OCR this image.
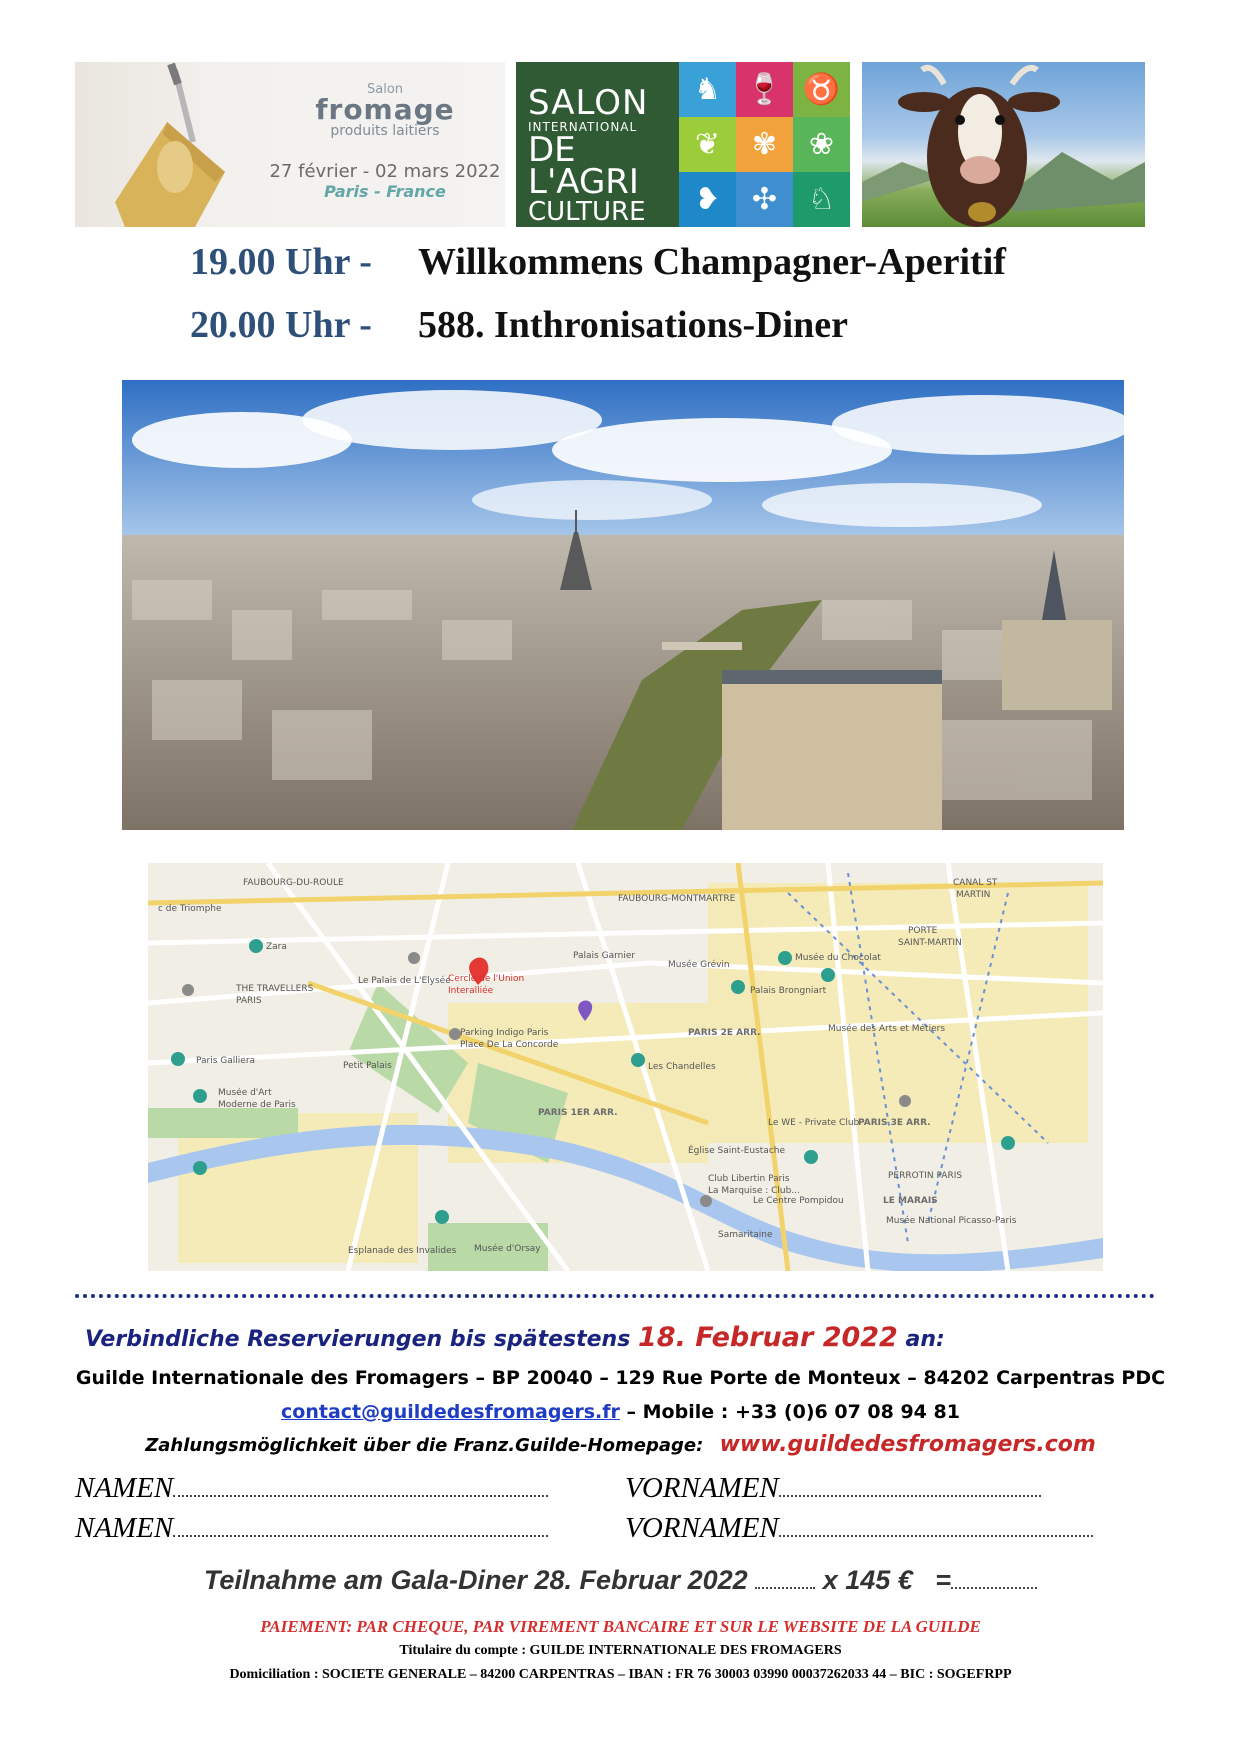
Salon
fromage
produits laitiers
27 février - 02 mars 2022
Paris - France
SALON
INTERNATIONAL
DE L'AGRI
CULTURE
♞ 🍷 ♉
❦	✾	❀
❥	✣	♘
19.00 Uhr - Willkommens Champagner-Aperitif
20.00 Uhr - 588. Inthronisations-Diner
FAUBOURG-DU-ROULE
c de Triomphe
Zara
THE TRAVELLERS
PARIS
Le Palais de L'Elysée
Cercle de l'Union
Interalliée
Palais Garnier
Musée Grévin
FAUBOURG-MONTMARTRE
CANAL ST
MARTIN
PORTE
SAINT-MARTIN
Musée du Chocolat
Palais Brongniart
Parking Indigo Paris
Place De La Concorde
Petit Palais
Paris Galliera
Musée d'Art
Moderne de Paris
PARIS 2E ARR.	Musée des Arts et Métiers
Les Chandelles
PARIS 1ER ARR.
Église Saint-Eustache
Le WE - Private Club
PARIS 3E ARR.
Club Libertin Paris
La Marquise : Club...
Le Centre Pompidou
PERROTIN PARIS
LE MARAIS
Musée d'Orsay
Esplanade des Invalides
Samaritaine
Musée National Picasso-Paris
Verbindliche Reservierungen bis spätestens 18. Februar 2022 an:
Guilde Internationale des Fromagers – BP 20040 – 129 Rue Porte de Monteux – 84202 Carpentras PDC
contact@guildedesfromagers.fr – Mobile : +33 (0)6 07 08 94 81
Zahlungsmöglichkeit über die Franz.Guilde-Homepage: www.guildedesfromagers.com
NAMEN	VORNAMEN
NAMEN	VORNAMEN
Teilnahme am Gala-Diner 28. Februar 2022	x 145 € =
PAIEMENT: PAR CHEQUE, PAR VIREMENT BANCAIRE ET SUR LE WEBSITE DE LA GUILDE
Titulaire du compte : GUILDE INTERNATIONALE DES FROMAGERS
Domiciliation : SOCIETE GENERALE – 84200 CARPENTRAS – IBAN : FR 76 30003 03990 00037262033 44 – BIC : SOGEFRPP
